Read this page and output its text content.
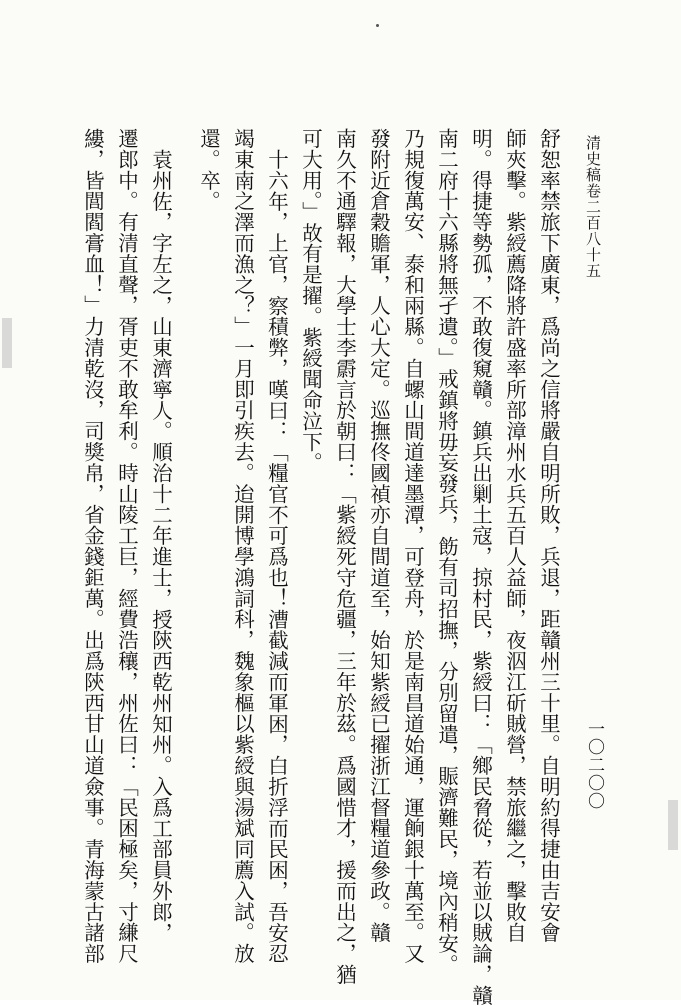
清史稿卷二百八十五
一〇二〇〇
舒恕率禁旅下廣東，爲尚之信將嚴自明所敗，兵退，距贛州三十里。自明約得捷由吉安會
師夾擊。紫綬薦降將許盛率所部漳州水兵五百人益師，夜泅江斫賊營，禁旅繼之，擊敗自
明。得捷等勢孤，不敢復窺贛。鎮兵出剿土寇，掠村民，紫綬曰：「鄉民脅從，若並以賊論，贛
南二府十六縣將無孑遺。」戒鎮將毋妄發兵，飭有司招撫，分別留遣，賑濟難民，境內稍安。
乃規復萬安、泰和兩縣。自螺山間道達墨潭，可登舟，於是南昌道始通，運餉銀十萬至。又
發附近倉穀贍軍，人心大定。巡撫佟國禎亦自間道至，始知紫綬已擢浙江督糧道參政。贛
南久不通驛報，大學士李霨言於朝曰：「紫綬死守危疆，三年於茲。爲國惜才，援而出之，猶
可大用。」故有是擢。紫綬聞命泣下。
十六年，上官，察積弊，嘆曰：「糧官不可爲也！漕截減而軍困，白折浮而民困，吾安忍
竭東南之澤而漁之？」一月即引疾去。迨開博學鴻詞科，魏象樞以紫綬與湯斌同薦入試。放
還。卒。
袁州佐，字左之，山東濟寧人。順治十二年進士，授陝西乾州知州。入爲工部員外郎，
遷郎中。有清直聲，胥吏不敢牟利。時山陵工巨，經費浩穰，州佐曰：「民困極矣，寸縑尺
縷，皆閭閻膏血！」力清乾沒，司獎帛，省金錢鉅萬。出爲陝西甘山道僉事。青海蒙古諸部
